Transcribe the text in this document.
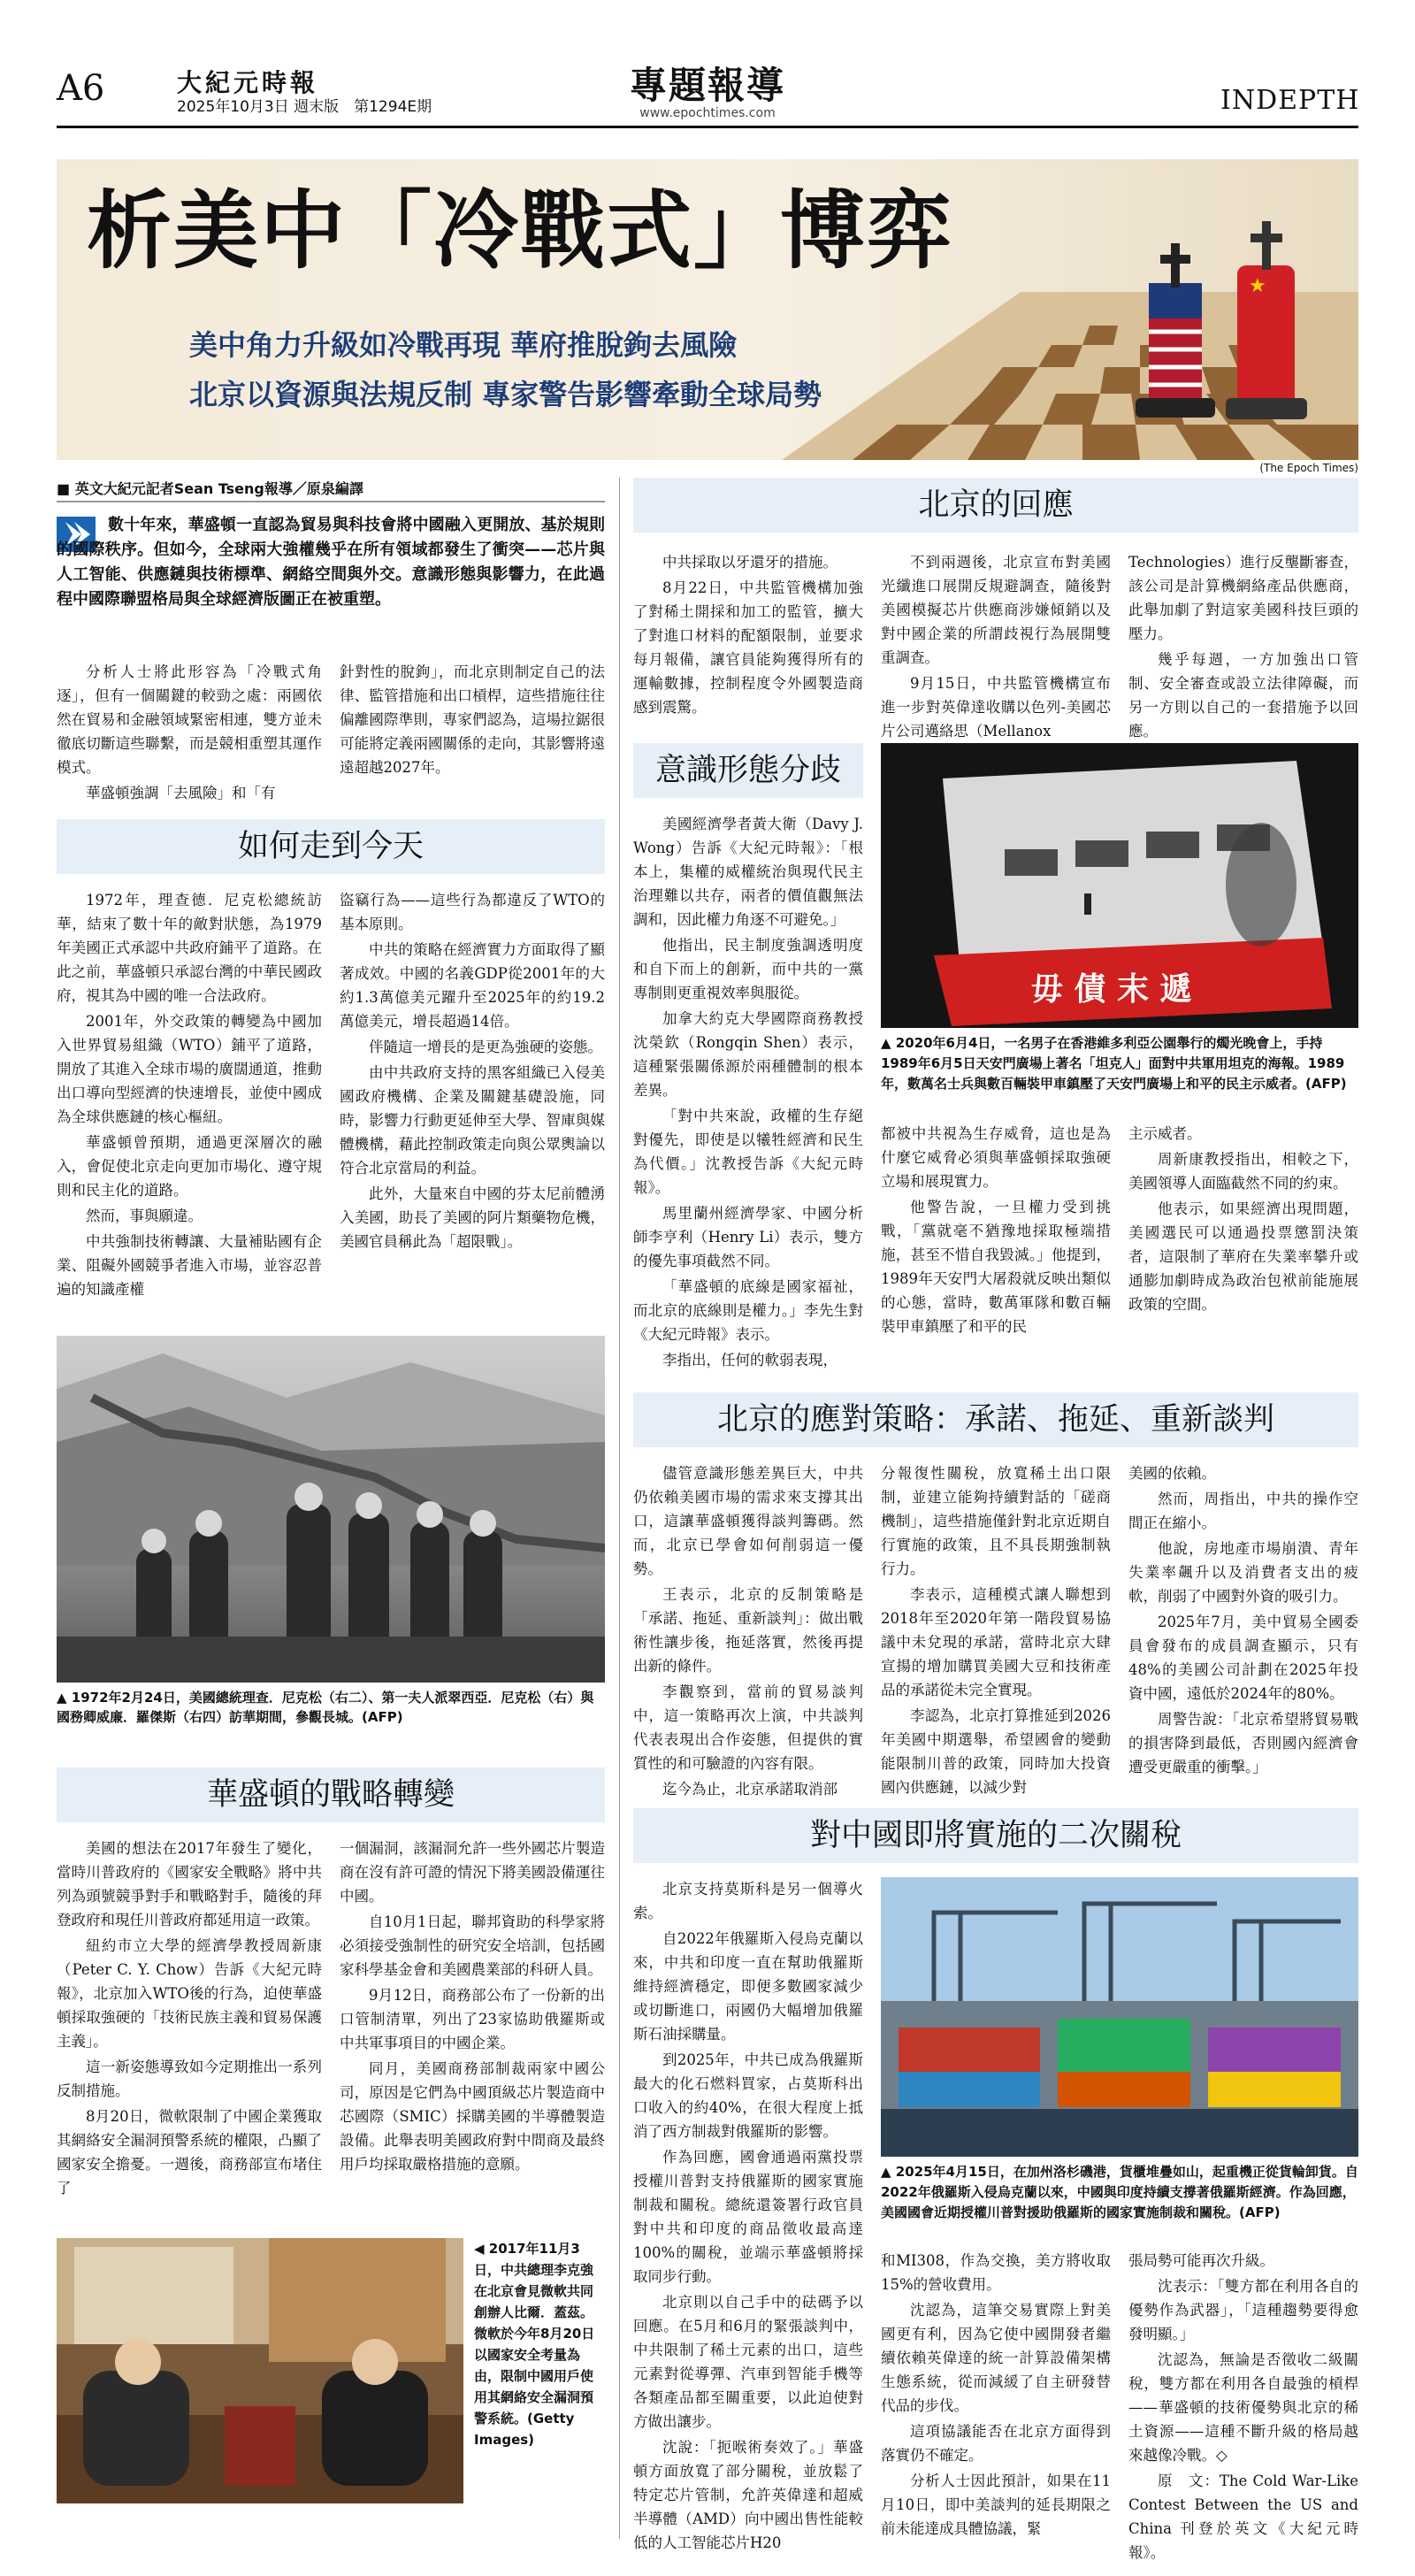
A6	大紀元時報
2025年10月3日 週末版　第1294E期	專題報導
www.epochtimes.com	INDEPTH
★
析美中「冷戰式」博弈
美中角力升級如冷戰再現 華府推脫鉤去風險
北京以資源與法規反制 專家警告影響牽動全球局勢
(The Epoch Times)
■ 英文大紀元記者Sean Tseng報導／原泉編譯
數十年來，華盛頓一直認為貿易與科技會將中國融入更開放、基於規則的國際秩序。但如今，全球兩大強權幾乎在所有領域都發生了衝突——芯片與人工智能、供應鏈與技術標準、網絡空間與外交。意識形態與影響力，在此過程中國際聯盟格局與全球經濟版圖正在被重塑。

分析人士將此形容為「冷戰式角逐」，但有一個關鍵的較勁之處：兩國依然在貿易和金融領域緊密相連，雙方並未徹底切斷這些聯繫，而是競相重塑其運作模式。

華盛頓強調「去風險」和「有

針對性的脫鉤」，而北京則制定自己的法律、監管措施和出口槓桿，這些措施往往偏離國際準則，專家們認為，這場拉鋸很可能將定義兩國關係的走向，其影響將遠遠超越2027年。

如何走到今天

1972年，理查德．尼克松總統訪華，結束了數十年的敵對狀態，為1979年美國正式承認中共政府鋪平了道路。在此之前，華盛頓只承認台灣的中華民國政府，視其為中國的唯一合法政府。

2001年，外交政策的轉變為中國加入世界貿易組織（WTO）鋪平了道路，開放了其進入全球市場的廣闊通道，推動出口導向型經濟的快速增長，並使中國成為全球供應鏈的核心樞紐。

華盛頓曾預期，通過更深層次的融入，會促使北京走向更加市場化、遵守規則和民主化的道路。

然而，事與願違。

中共強制技術轉讓、大量補貼國有企業、阻礙外國競爭者進入市場，並容忍普遍的知識產權

盜竊行為——這些行為都違反了WTO的基本原則。

中共的策略在經濟實力方面取得了顯著成效。中國的名義GDP從2001年的大約1.3萬億美元躍升至2025年的約19.2萬億美元，增長超過14倍。

伴隨這一增長的是更為強硬的姿態。

由中共政府支持的黑客組織已入侵美國政府機構、企業及關鍵基礎設施，同時，影響力行動更延伸至大學、智庫與媒體機構，藉此控制政策走向與公眾輿論以符合北京當局的利益。

此外，大量來自中國的芬太尼前體湧入美國，助長了美國的阿片類藥物危機，美國官員稱此為「超限戰」。

▲ 1972年2月24日，美國總統理查．尼克松（右二）、第一夫人派翠西亞．尼克松（右）與國務卿威廉．羅傑斯（右四）訪華期間，參觀長城。(AFP)
華盛頓的戰略轉變

美國的想法在2017年發生了變化，當時川普政府的《國家安全戰略》將中共列為頭號競爭對手和戰略對手，隨後的拜登政府和現任川普政府都延用這一政策。

紐約市立大學的經濟學教授周新康（Peter C. Y. Chow）告訴《大紀元時報》，北京加入WTO後的行為，迫使華盛頓採取強硬的「技術民族主義和貿易保護主義」。

這一新姿態導致如今定期推出一系列反制措施。

8月20日，微軟限制了中國企業獲取其網絡安全漏洞預警系統的權限，凸顯了國家安全擔憂。一週後，商務部宣布堵住了

一個漏洞，該漏洞允許一些外國芯片製造商在沒有許可證的情況下將美國設備運往中國。

自10月1日起，聯邦資助的科學家將必須接受強制性的研究安全培訓，包括國家科學基金會和美國農業部的科研人員。

9月12日，商務部公布了一份新的出口管制清單，列出了23家協助俄羅斯或中共軍事項目的中國企業。

同月，美國商務部制裁兩家中國公司，原因是它們為中國頂級芯片製造商中芯國際（SMIC）採購美國的半導體製造設備。此舉表明美國政府對中間商及最終用戶均採取嚴格措施的意願。

◀ 2017年11月3日，中共總理李克強在北京會見微軟共同創辦人比爾．蓋茲。微軟於今年8月20日以國家安全考量為由，限制中國用戶使用其網絡安全漏洞預警系統。(Getty Images)
北京的回應

中共採取以牙還牙的措施。

8月22日，中共監管機構加強了對稀土開採和加工的監管，擴大了對進口材料的配額限制，並要求每月報備，讓官員能夠獲得所有的運輸數據，控制程度令外國製造商感到震驚。

不到兩週後，北京宣布對美國光纖進口展開反規避調查，隨後對美國模擬芯片供應商涉嫌傾銷以及對中國企業的所謂歧視行為展開雙重調查。

9月15日，中共監管機構宣布進一步對英偉達收購以色列-美國芯片公司邁絡思（Mellanox

Technologies）進行反壟斷審查，該公司是計算機網絡產品供應商，此舉加劇了對這家美國科技巨頭的壓力。

幾乎每週，一方加強出口管制、安全審查或設立法律障礙，而另一方則以自己的一套措施予以回應。

意識形態分歧

美國經濟學者黃大衛（Davy J. Wong）告訴《大紀元時報》：「根本上，集權的威權統治與現代民主治理難以共存，兩者的價值觀無法調和，因此權力角逐不可避免。」

他指出，民主制度強調透明度和自下而上的創新，而中共的一黨專制則更重視效率與服從。

加拿大約克大學國際商務教授沈榮欽（Rongqin Shen）表示，這種緊張關係源於兩種體制的根本差異。

「對中共來說，政權的生存絕對優先，即使是以犧牲經濟和民生為代價。」沈教授告訴《大紀元時報》。

馬里蘭州經濟學家、中國分析師李亨利（Henry Li）表示，雙方的優先事項截然不同。

「華盛頓的底線是國家福祉，而北京的底線則是權力。」李先生對《大紀元時報》表示。

李指出，任何的軟弱表現，

毋 債 末 遞
▲ 2020年6月4日，一名男子在香港維多利亞公園舉行的燭光晚會上，手持1989年6月5日天安門廣場上著名「坦克人」面對中共軍用坦克的海報。1989年，數萬名士兵與數百輛裝甲車鎮壓了天安門廣場上和平的民主示威者。(AFP)

都被中共視為生存威脅，這也是為什麼它威脅必須與華盛頓採取強硬立場和展現實力。

他警告說，一旦權力受到挑戰，「黨就毫不猶豫地採取極端措施，甚至不惜自我毀滅。」他提到，1989年天安門大屠殺就反映出類似的心態，當時，數萬軍隊和數百輛裝甲車鎮壓了和平的民

主示威者。

周新康教授指出，相較之下，美國領導人面臨截然不同的約束。

他表示，如果經濟出現問題，美國選民可以通過投票懲罰決策者，這限制了華府在失業率攀升或通膨加劇時成為政治包袱前能施展政策的空間。

北京的應對策略：承諾、拖延、重新談判

儘管意識形態差異巨大，中共仍依賴美國市場的需求來支撐其出口，這讓華盛頓獲得談判籌碼。然而，北京已學會如何削弱這一優勢。

王表示，北京的反制策略是「承諾、拖延、重新談判」：做出戰術性讓步後，拖延落實，然後再提出新的條件。

李觀察到，當前的貿易談判中，這一策略再次上演，中共談判代表表現出合作姿態，但提供的實質性的和可驗證的內容有限。

迄今為止，北京承諾取消部

分報復性關稅，放寬稀土出口限制，並建立能夠持續對話的「磋商機制」，這些措施僅針對北京近期自行實施的政策，且不具長期強制執行力。

李表示，這種模式讓人聯想到2018年至2020年第一階段貿易協議中未兌現的承諾，當時北京大肆宣揚的增加購買美國大豆和技術產品的承諾從未完全實現。

李認為，北京打算推延到2026年美國中期選舉，希望國會的變動能限制川普的政策，同時加大投資國內供應鏈，以減少對

美國的依賴。

然而，周指出，中共的操作空間正在縮小。

他說，房地產市場崩潰、青年失業率飆升以及消費者支出的疲軟，削弱了中國對外資的吸引力。

2025年7月，美中貿易全國委員會發布的成員調查顯示，只有48%的美國公司計劃在2025年投資中國，遠低於2024年的80%。

周警告說：「北京希望將貿易戰的損害降到最低，否則國內經濟會遭受更嚴重的衝擊。」

對中國即將實施的二次關稅

北京支持莫斯科是另一個導火索。

自2022年俄羅斯入侵烏克蘭以來，中共和印度一直在幫助俄羅斯維持經濟穩定，即便多數國家減少或切斷進口，兩國仍大幅增加俄羅斯石油採購量。

到2025年，中共已成為俄羅斯最大的化石燃料買家，占莫斯科出口收入的約40%，在很大程度上抵消了西方制裁對俄羅斯的影響。

作為回應，國會通過兩黨投票授權川普對支持俄羅斯的國家實施制裁和關稅。總統還簽署行政官員對中共和印度的商品徵收最高達100%的關稅，並端示華盛頓將採取同步行動。

北京則以自己手中的砝碼予以回應。在5月和6月的緊張談判中，中共限制了稀土元素的出口，這些元素對從導彈、汽車到智能手機等各類產品都至關重要，以此迫使對方做出讓步。

沈說：「扼喉術奏效了。」華盛頓方面放寬了部分關稅，並放鬆了特定芯片管制，允許英偉達和超威半導體（AMD）向中國出售性能較低的人工智能芯片H20

▲ 2025年4月15日，在加州洛杉磯港，貨櫃堆疊如山，起重機正從貨輪卸貨。自2022年俄羅斯入侵烏克蘭以來，中國與印度持續支撐著俄羅斯經濟。作為回應，美國國會近期授權川普對援助俄羅斯的國家實施制裁和關稅。(AFP)

和MI308，作為交換，美方將收取15%的營收費用。

沈認為，這筆交易實際上對美國更有利，因為它使中國開發者繼續依賴英偉達的統一計算設備架構生態系統，從而減緩了自主研發替代品的步伐。

這項協議能否在北京方面得到落實仍不確定。

分析人士因此預計，如果在11月10日，即中美談判的延長期限之前未能達成具體協議，緊

張局勢可能再次升級。

沈表示：「雙方都在利用各自的優勢作為武器」，「這種趨勢要得愈發明顯。」

沈認為，無論是否徵收二級關稅，雙方都在利用各自最強的槓桿——華盛頓的技術優勢與北京的稀土資源——這種不斷升級的格局越來越像冷戰。◇

原　文：The Cold War-Like Contest Between the US and China 刊登於英文《大紀元時報》。
